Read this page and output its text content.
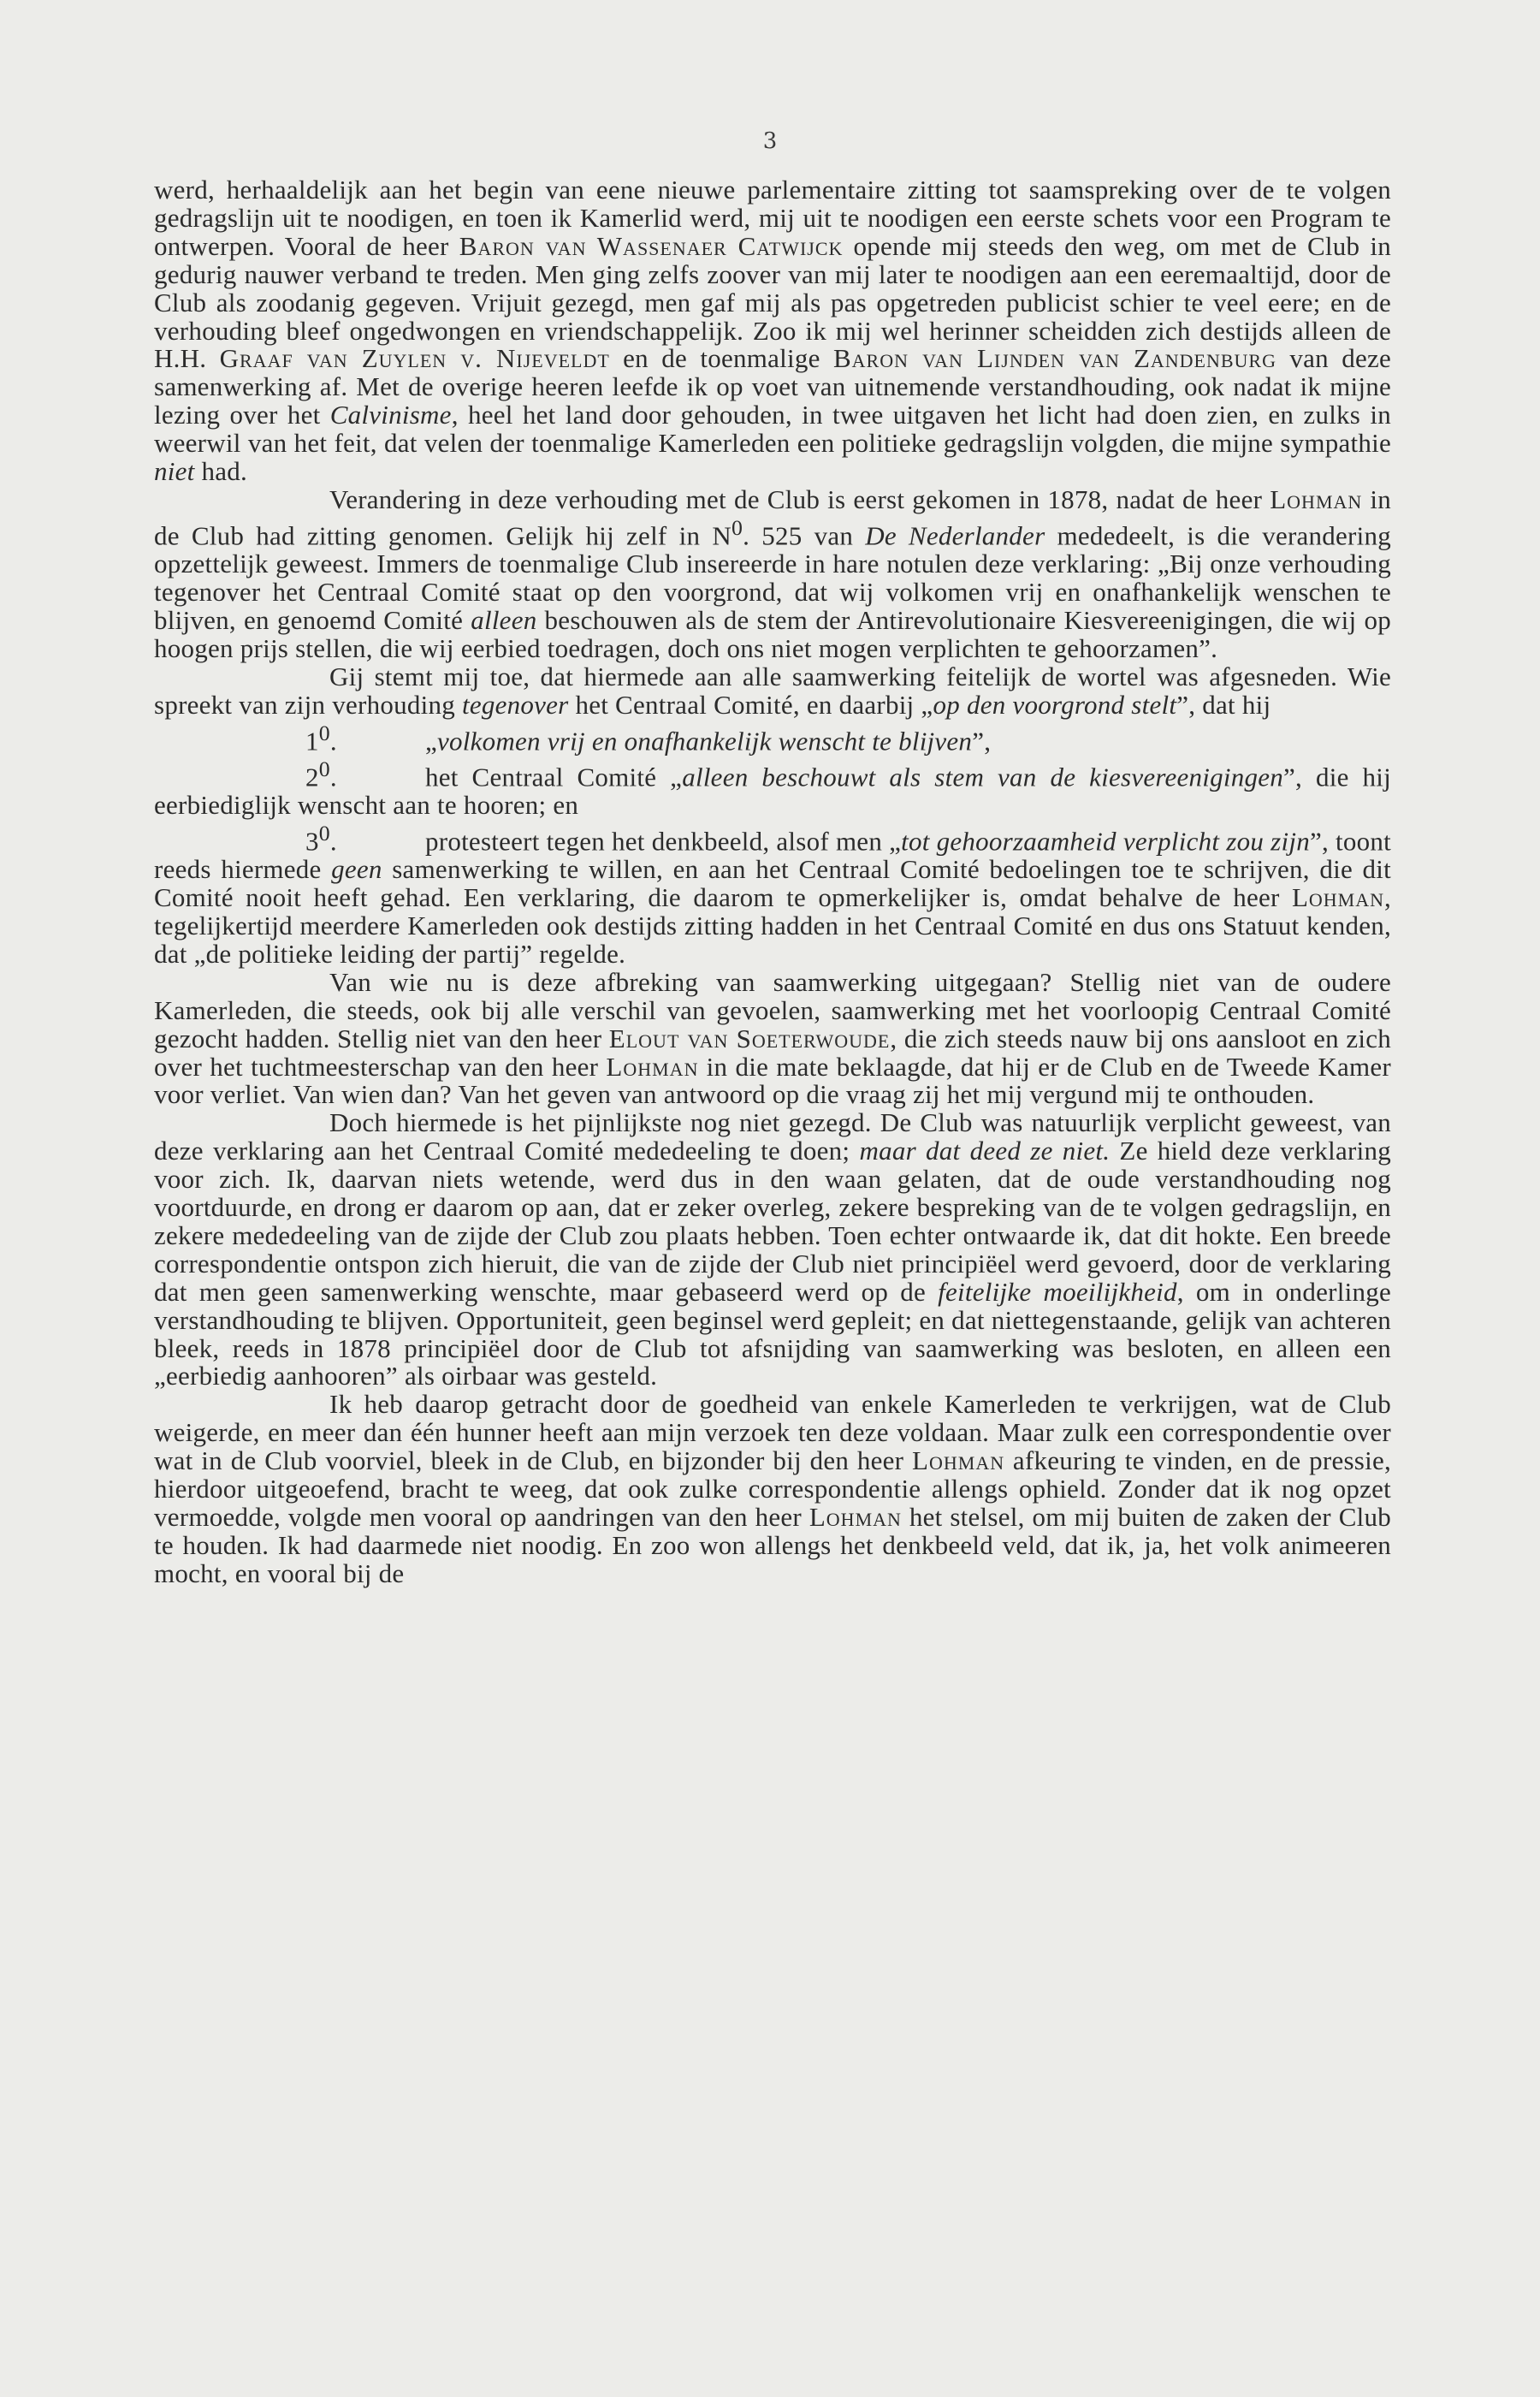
3

werd, herhaaldelijk aan het begin van eene nieuwe parlementaire zitting tot saamspreking over de te volgen gedragslijn uit te noodigen, en toen ik Kamerlid werd, mij uit te noodigen een eerste schets voor een Program te ontwerpen. Vooral de heer Baron van Wassenaer Catwijck opende mij steeds den weg, om met de Club in gedurig nauwer verband te treden. Men ging zelfs zoover van mij later te noodigen aan een eeremaaltijd, door de Club als zoodanig gegeven. Vrijuit gezegd, men gaf mij als pas opgetreden publicist schier te veel eere; en de verhouding bleef ongedwongen en vriendschappelijk. Zoo ik mij wel herinner scheidden zich destijds alleen de H.H. Graaf van Zuylen v. Nijeveldt en de toenmalige Baron van Lijnden van Zandenburg van deze samenwerking af. Met de overige heeren leefde ik op voet van uitnemende verstandhouding, ook nadat ik mijne lezing over het Calvinisme, heel het land door gehouden, in twee uitgaven het licht had doen zien, en zulks in weerwil van het feit, dat velen der toenmalige Kamerleden een politieke gedragslijn volgden, die mijne sympathie niet had.

Verandering in deze verhouding met de Club is eerst gekomen in 1878, nadat de heer Lohman in de Club had zitting genomen. Gelijk hij zelf in $N^0$. 525 van De Nederlander mededeelt, is die verandering opzettelijk geweest. Immers de toenmalige Club insereerde in hare notulen deze verklaring: „Bij onze verhouding tegenover het Centraal Comité staat op den voorgrond, dat wij volkomen vrij en onafhankelijk wenschen te blijven, en genoemd Comité alleen beschouwen als de stem der Antirevolutionaire Kiesvereenigingen, die wij op hoogen prijs stellen, die wij eerbied toedragen, doch ons niet mogen verplichten te gehoorzamen”.

Gij stemt mij toe, dat hiermede aan alle saamwerking feitelijk de wortel was afgesneden. Wie spreekt van zijn verhouding tegenover het Centraal Comité, en daarbij „op den voorgrond stelt”, dat hij

$1^0$.	„volkomen vrij en onafhankelijk wenscht te blijven”,

$2^0$.	het Centraal Comité „alleen beschouwt als stem van de kiesvereenigingen”, die hij eerbiediglijk wenscht aan te hooren; en

$3^0$.	protesteert tegen het denkbeeld, alsof men „tot gehoorzaamheid verplicht zou zijn”, toont reeds hiermede geen samenwerking te willen, en aan het Centraal Comité bedoelingen toe te schrijven, die dit Comité nooit heeft gehad. Een verklaring, die daarom te opmerkelijker is, omdat behalve de heer Lohman, tegelijkertijd meerdere Kamerleden ook destijds zitting hadden in het Centraal Comité en dus ons Statuut kenden, dat „de politieke leiding der partij” regelde.

Van wie nu is deze afbreking van saamwerking uitgegaan? Stellig niet van de oudere Kamerleden, die steeds, ook bij alle verschil van gevoelen, saamwerking met het voorloopig Centraal Comité gezocht hadden. Stellig niet van den heer Elout van Soeterwoude, die zich steeds nauw bij ons aansloot en zich over het tuchtmeesterschap van den heer Lohman in die mate beklaagde, dat hij er de Club en de Tweede Kamer voor verliet. Van wien dan? Van het geven van antwoord op die vraag zij het mij vergund mij te onthouden.

Doch hiermede is het pijnlijkste nog niet gezegd. De Club was natuurlijk verplicht geweest, van deze verklaring aan het Centraal Comité mededeeling te doen; maar dat deed ze niet. Ze hield deze verklaring voor zich. Ik, daarvan niets wetende, werd dus in den waan gelaten, dat de oude verstandhouding nog voortduurde, en drong er daarom op aan, dat er zeker overleg, zekere bespreking van de te volgen gedragslijn, en zekere mededeeling van de zijde der Club zou plaats hebben. Toen echter ontwaarde ik, dat dit hokte. Een breede correspondentie ontspon zich hieruit, die van de zijde der Club niet principiëel werd gevoerd, door de verklaring dat men geen samenwerking wenschte, maar gebaseerd werd op de feitelijke moeilijkheid, om in onderlinge verstandhouding te blijven. Opportuniteit, geen beginsel werd gepleit; en dat niettegenstaande, gelijk van achteren bleek, reeds in 1878 principiëel door de Club tot afsnijding van saamwerking was besloten, en alleen een „eerbiedig aanhooren” als oirbaar was gesteld.

Ik heb daarop getracht door de goedheid van enkele Kamerleden te verkrijgen, wat de Club weigerde, en meer dan één hunner heeft aan mijn verzoek ten deze voldaan. Maar zulk een correspondentie over wat in de Club voorviel, bleek in de Club, en bijzonder bij den heer Lohman afkeuring te vinden, en de pressie, hierdoor uitgeoefend, bracht te weeg, dat ook zulke correspondentie allengs ophield. Zonder dat ik nog opzet vermoedde, volgde men vooral op aandringen van den heer Lohman het stelsel, om mij buiten de zaken der Club te houden. Ik had daarmede niet noodig. En zoo won allengs het denkbeeld veld, dat ik, ja, het volk animeeren mocht, en vooral bij de
